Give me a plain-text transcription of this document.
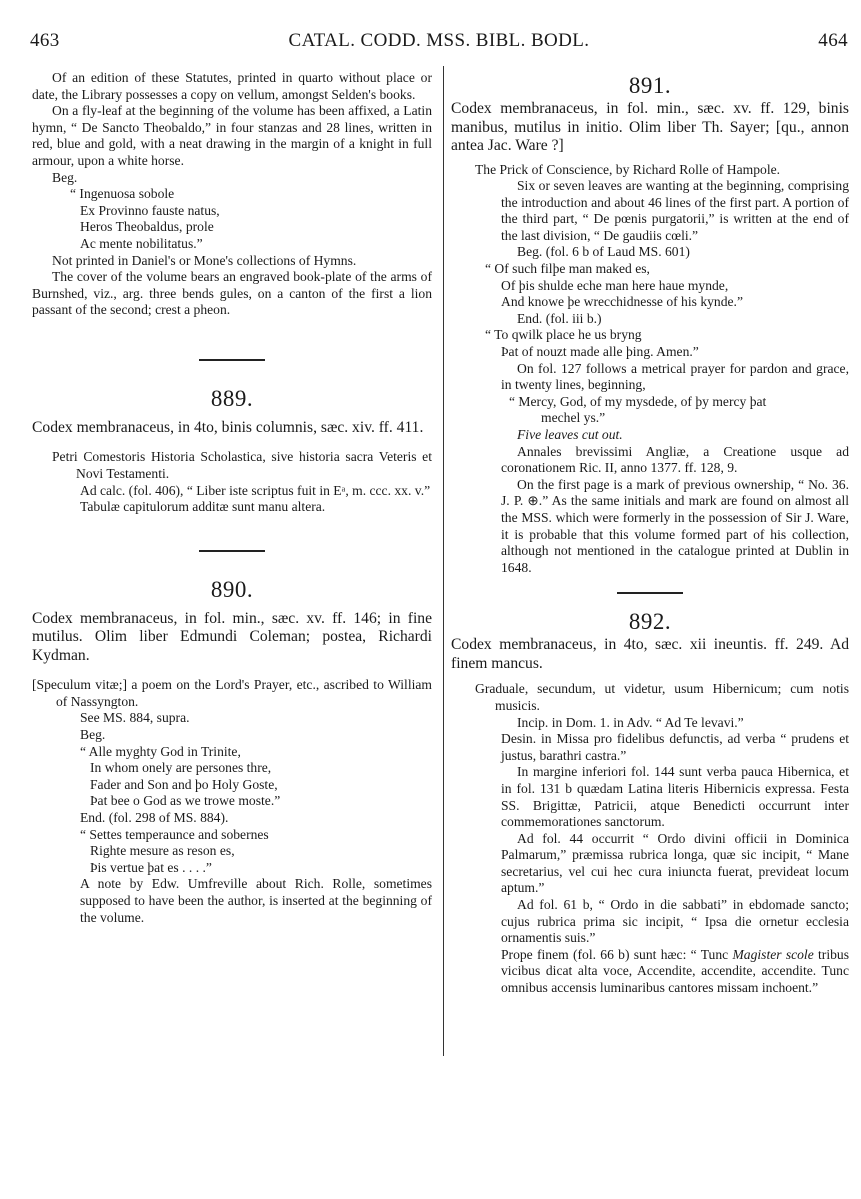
463	CATAL. CODD. MSS. BIBL. BODL.	464

Of an edition of these Statutes, printed in quarto without place or date, the Library possesses a copy on vellum, amongst Selden's books.

On a fly-leaf at the beginning of the volume has been affixed, a Latin hymn, “ De Sancto Theobaldo,” in four stanzas and 28 lines, written in red, blue and gold, with a neat drawing in the margin of a knight in full armour, upon a white horse.

Beg.

“ Ingenuosa sobole

Ex Provinno fauste natus,

Heros Theobaldus, prole

Ac mente nobilitatus.”

Not printed in Daniel's or Mone's collections of Hymns.

The cover of the volume bears an engraved book-plate of the arms of Burnshed, viz., arg. three bends gules, on a canton of the first a lion passant of the second; crest a pheon.

889.

Codex membranaceus, in 4to, binis columnis, sæc. xiv. ff. 411.

Petri Comestoris Historia Scholastica, sive historia sacra Veteris et Novi Testamenti.

Ad calc. (fol. 406), “ Liber iste scriptus fuit in Eᵃ, m. ccc. xx. v.”

Tabulæ capitulorum additæ sunt manu altera.

890.

Codex membranaceus, in fol. min., sæc. xv. ff. 146; in fine mutilus. Olim liber Edmundi Coleman; postea, Richardi Kydman.

[Speculum vitæ;] a poem on the Lord's Prayer, etc., ascribed to William of Nassyngton.

See MS. 884, supra.

Beg.

“ Alle myghty God in Trinite,

In whom onely are persones thre,

Fader and Son and þo Holy Goste,

Þat bee o God as we trowe moste.”

End. (fol. 298 of MS. 884).

“ Settes temperaunce and sobernes

Righte mesure as reson es,

Þis vertue þat es . . . .”

A note by Edw. Umfreville about Rich. Rolle, sometimes supposed to have been the author, is inserted at the beginning of the volume.

891.

Codex membranaceus, in fol. min., sæc. xv. ff. 129, binis manibus, mutilus in initio. Olim liber Th. Sayer; [qu., annon antea Jac. Ware ?]

The Prick of Conscience, by Richard Rolle of Hampole.

Six or seven leaves are wanting at the beginning, comprising the introduction and about 46 lines of the first part. A portion of the third part, “ De pœnis purgatorii,” is written at the end of the last division, “ De gaudiis cœli.”

Beg. (fol. 6 b of Laud MS. 601)

“ Of such filþe man maked es,

Of þis shulde eche man here haue mynde,

And knowe þe wrecchidnesse of his kynde.”

End. (fol. iii b.)

“ To qwilk place he us bryng

Þat of nouzt made alle þing. Amen.”

On fol. 127 follows a metrical prayer for pardon and grace, in twenty lines, beginning,

“ Mercy, God, of my mysdede, of þy mercy þat

mechel ys.”

Five leaves cut out.

Annales brevissimi Angliæ, a Creatione usque ad coronationem Ric. II, anno 1377. ff. 128, 9.

On the first page is a mark of previous ownership, “ No. 36. J. P. ⊕.” As the same initials and mark are found on almost all the MSS. which were formerly in the possession of Sir J. Ware, it is probable that this volume formed part of his collection, although not mentioned in the catalogue printed at Dublin in 1648.

892.

Codex membranaceus, in 4to, sæc. xii ineuntis. ff. 249. Ad finem mancus.

Graduale, secundum, ut videtur, usum Hibernicum; cum notis musicis.

Incip. in Dom. 1. in Adv. “ Ad Te levavi.”

Desin. in Missa pro fidelibus defunctis, ad verba “ prudens et justus, barathri castra.”

In margine inferiori fol. 144 sunt verba pauca Hibernica, et in fol. 131 b quædam Latina literis Hibernicis expressa. Festa SS. Brigittæ, Patricii, atque Benedicti occurrunt inter commemorationes sanctorum.

Ad fol. 44 occurrit “ Ordo divini officii in Dominica Palmarum,” præmissa rubrica longa, quæ sic incipit, “ Mane secretarius, vel cui hec cura iniuncta fuerat, prevideat locum aptum.”

Ad fol. 61 b, “ Ordo in die sabbati” in ebdomade sancto; cujus rubrica prima sic incipit, “ Ipsa die ornetur ecclesia ornamentis suis.”

Prope finem (fol. 66 b) sunt hæc: “ Tunc Magister scole tribus vicibus dicat alta voce, Accendite, accendite, accendite. Tunc omnibus accensis luminaribus cantores missam inchoent.”
